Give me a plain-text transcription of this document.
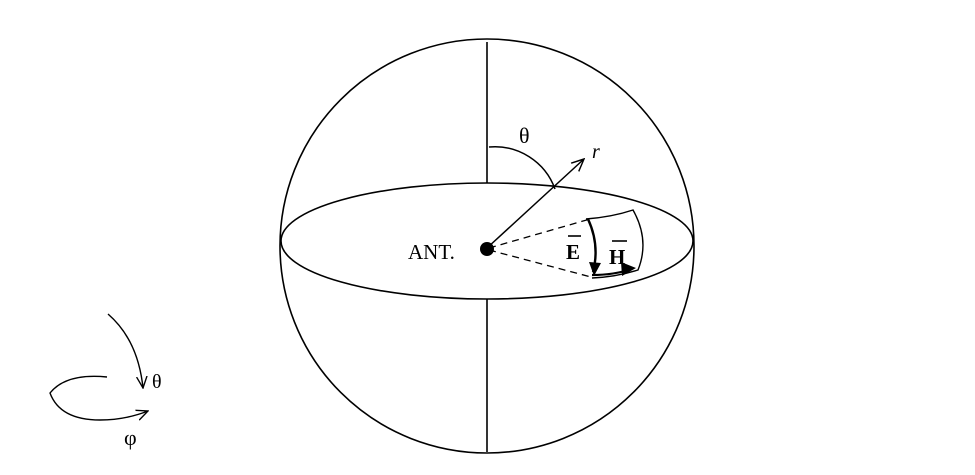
θ
r
ANT.	E H
θ
φ
